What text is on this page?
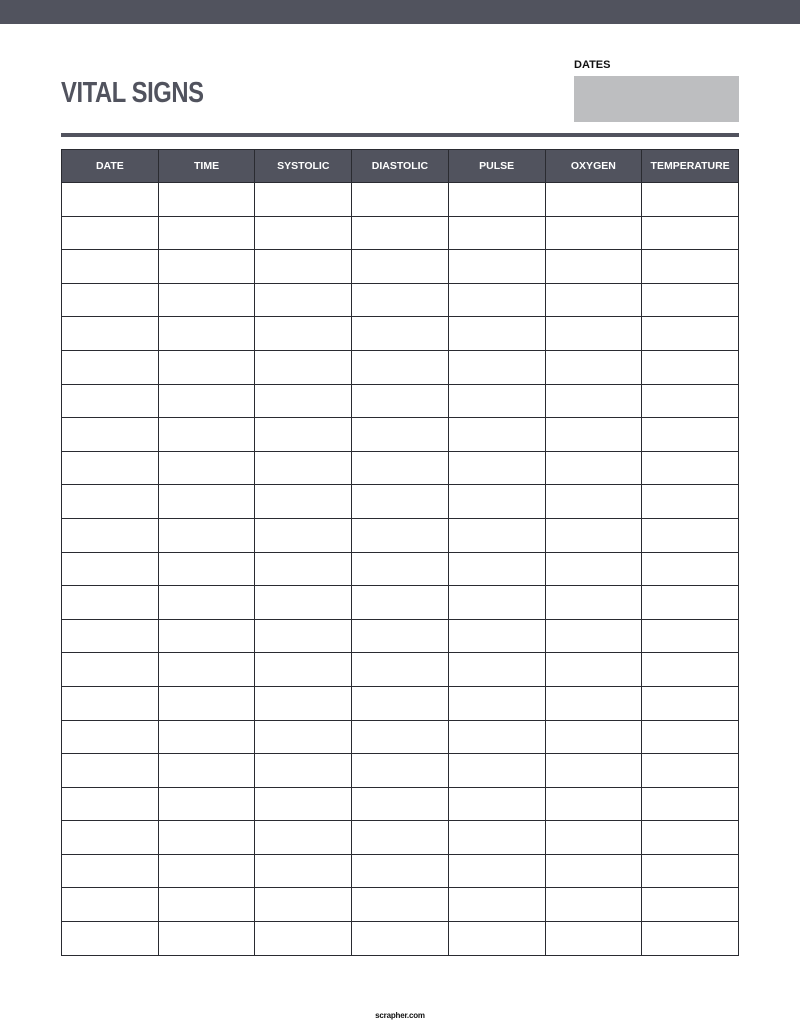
VITAL SIGNS
DATES
DATE	TIME	SYSTOLIC	DIASTOLIC	PULSE	OXYGEN	TEMPERATURE

scrapher.com
